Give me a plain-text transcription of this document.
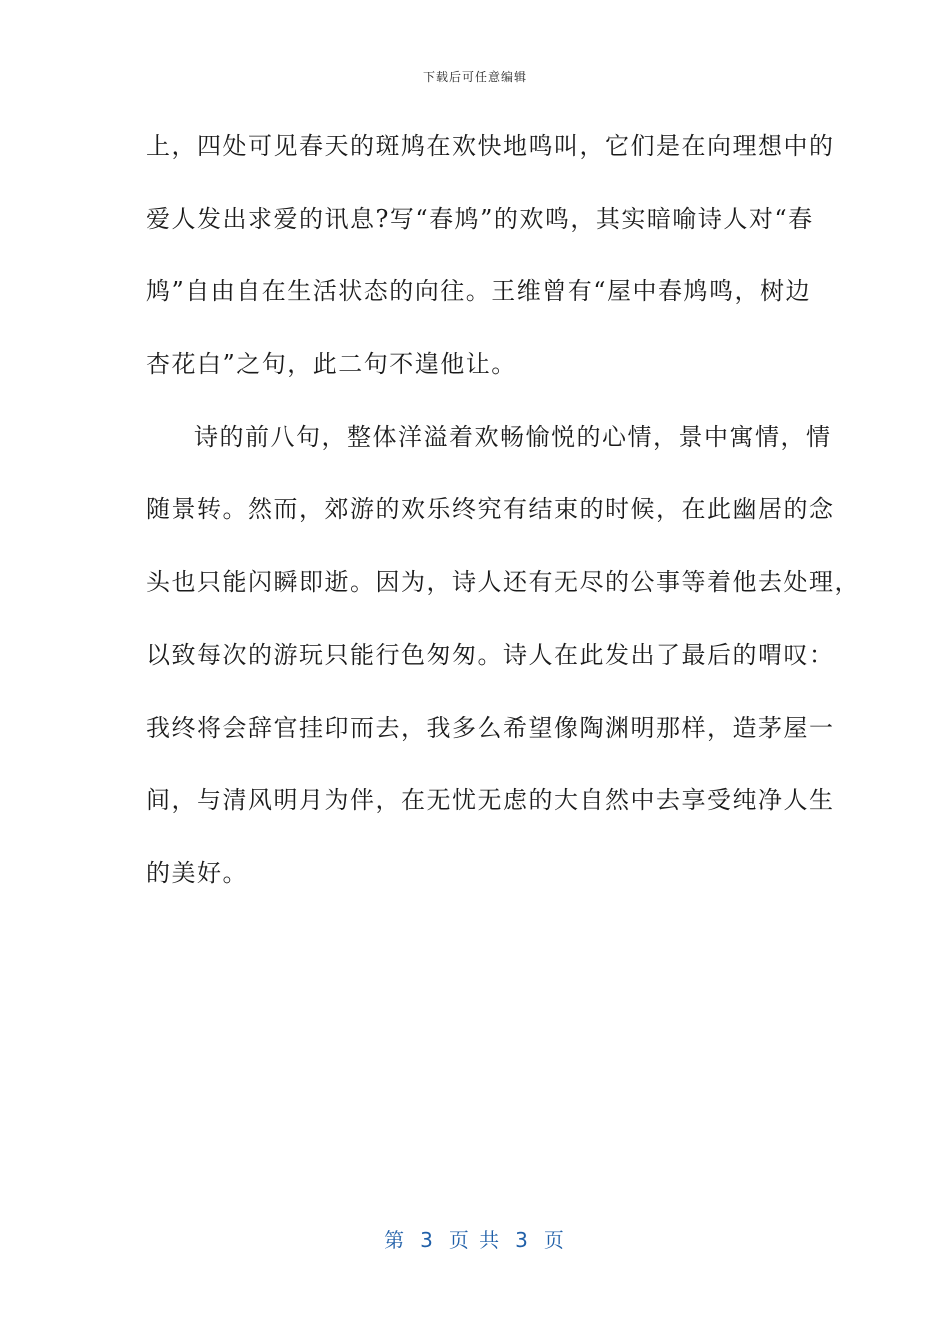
下载后可任意编辑
上，四处可见春天的斑鸠在欢快地鸣叫，它们是在向理想中的
爱人发出求爱的讯息?写“春鸠”的欢鸣，其实暗喻诗人对“春
鸠”自由自在生活状态的向往。王维曾有“屋中春鸠鸣，树边
杏花白”之句，此二句不遑他让。
诗的前八句，整体洋溢着欢畅愉悦的心情，景中寓情，情
随景转。然而，郊游的欢乐终究有结束的时候，在此幽居的念
头也只能闪瞬即逝。因为，诗人还有无尽的公事等着他去处理，
以致每次的游玩只能行色匆匆。诗人在此发出了最后的喟叹：
我终将会辞官挂印而去，我多么希望像陶渊明那样，造茅屋一
间，与清风明月为伴，在无忧无虑的大自然中去享受纯净人生
的美好。
第 3 页 共 3 页
